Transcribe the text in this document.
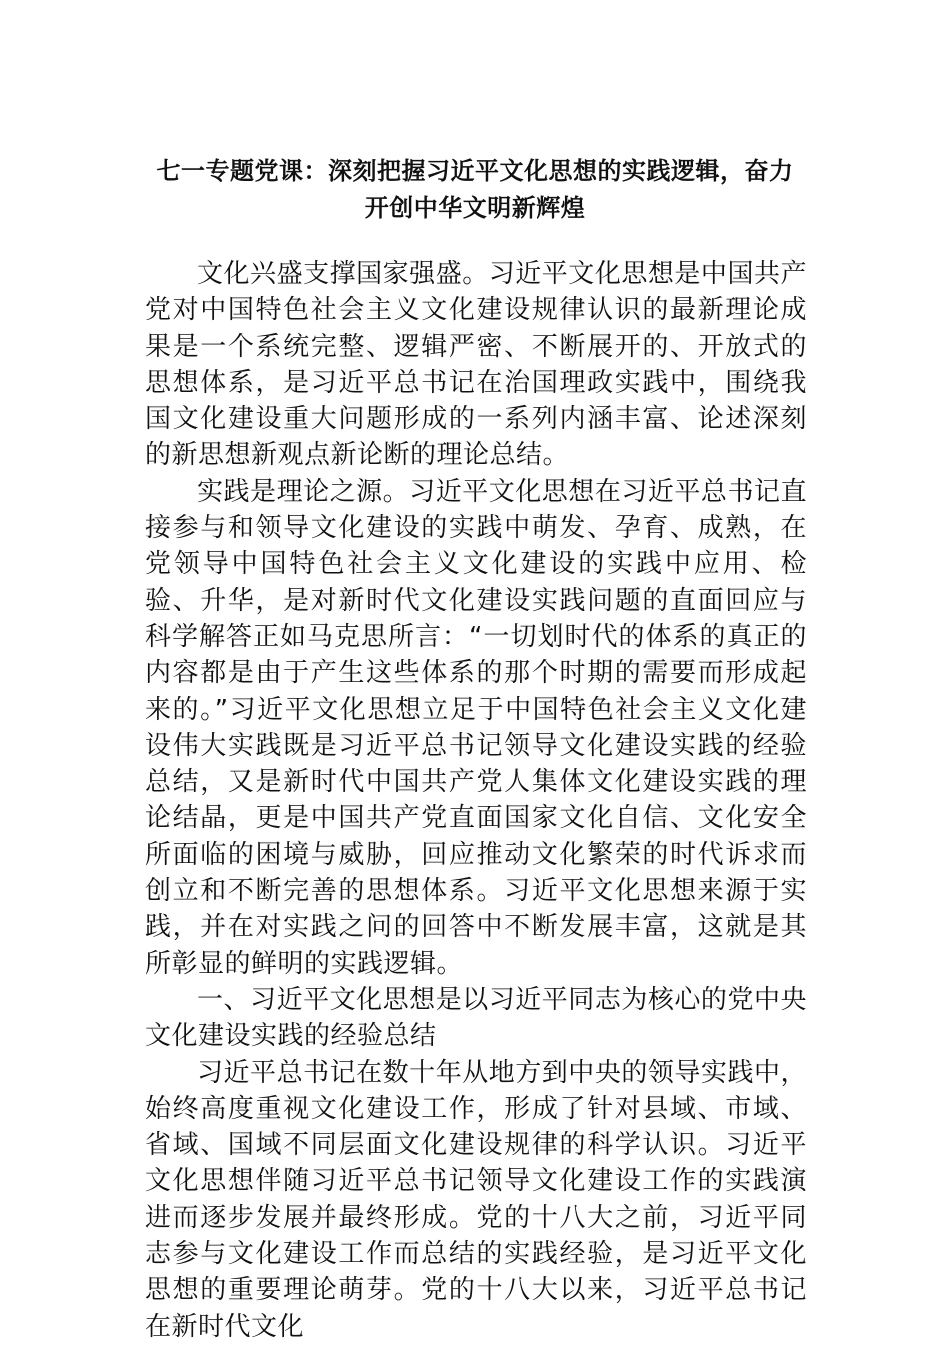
七一专题党课：深刻把握习近平文化思想的实践逻辑，奋力开创中华文明新辉煌

文化兴盛支撑国家强盛。习近平文化思想是中国共产党对中国特色社会主义文化建设规律认识的最新理论成果是一个系统完整、逻辑严密、不断展开的、开放式的思想体系，是习近平总书记在治国理政实践中，围绕我国文化建设重大问题形成的一系列内涵丰富、论述深刻的新思想新观点新论断的理论总结。

实践是理论之源。习近平文化思想在习近平总书记直接参与和领导文化建设的实践中萌发、孕育、成熟，在党领导中国特色社会主义文化建设的实践中应用、检验、升华，是对新时代文化建设实践问题的直面回应与科学解答正如马克思所言：“一切划时代的体系的真正的内容都是由于产生这些体系的那个时期的需要而形成起来的。”习近平文化思想立足于中国特色社会主义文化建设伟大实践既是习近平总书记领导文化建设实践的经验总结，又是新时代中国共产党人集体文化建设实践的理论结晶，更是中国共产党直面国家文化自信、文化安全所面临的困境与威胁，回应推动文化繁荣的时代诉求而创立和不断完善的思想体系。习近平文化思想来源于实践，并在对实践之问的回答中不断发展丰富，这就是其所彰显的鲜明的实践逻辑。

一、习近平文化思想是以习近平同志为核心的党中央文化建设实践的经验总结

习近平总书记在数十年从地方到中央的领导实践中，始终高度重视文化建设工作，形成了针对县域、市域、省域、国域不同层面文化建设规律的科学认识。习近平文化思想伴随习近平总书记领导文化建设工作的实践演进而逐步发展并最终形成。党的十八大之前，习近平同志参与文化建设工作而总结的实践经验，是习近平文化思想的重要理论萌芽。党的十八大以来，习近平总书记在新时代文化
